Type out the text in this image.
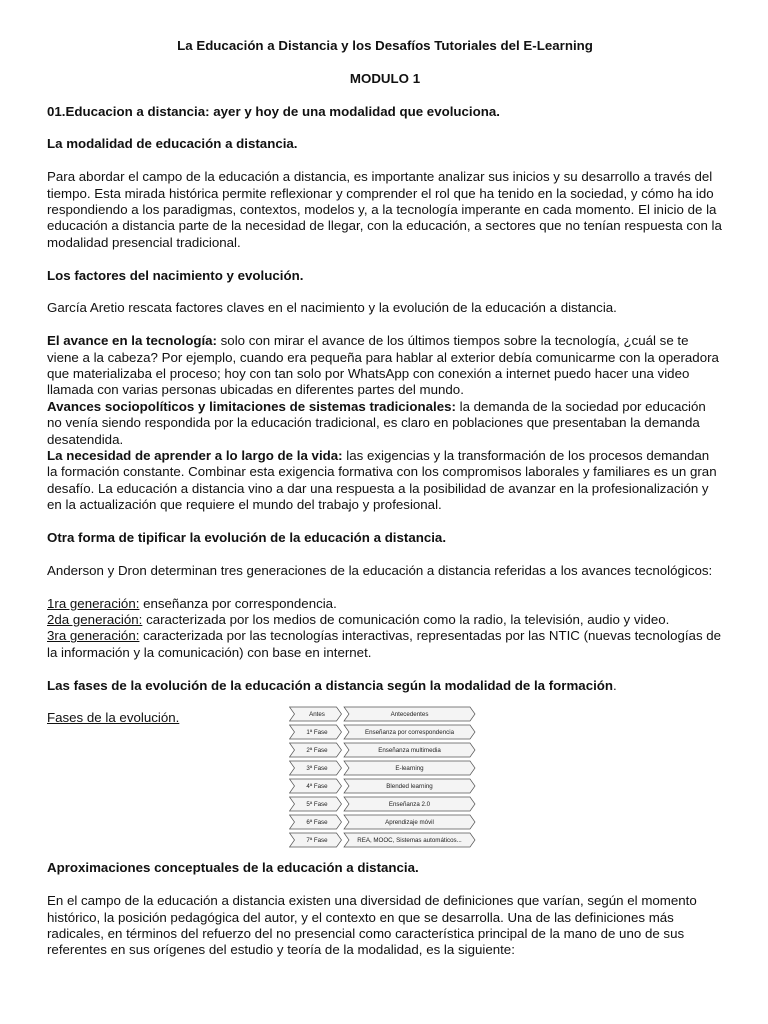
La Educación a Distancia y los Desafíos Tutoriales del E-Learning

MODULO 1

01.Educacion a distancia: ayer y hoy de una modalidad que evoluciona.

La modalidad de educación a distancia.

Para abordar el campo de la educación a distancia, es importante analizar sus inicios y su desarrollo a través del tiempo. Esta mirada histórica permite reflexionar y comprender el rol que ha tenido en la sociedad, y cómo ha ido respondiendo a los paradigmas, contextos, modelos y, a la tecnología imperante en cada momento. El inicio de la educación a distancia parte de la necesidad de llegar, con la educación, a sectores que no tenían respuesta con la modalidad presencial tradicional.

Los factores del nacimiento y evolución.

García Aretio rescata factores claves en el nacimiento y la evolución de la educación a distancia.

El avance en la tecnología: solo con mirar el avance de los últimos tiempos sobre la tecnología, ¿cuál se te viene a la cabeza? Por ejemplo, cuando era pequeña para hablar al exterior debía comunicarme con la operadora que materializaba el proceso; hoy con tan solo por WhatsApp con conexión a internet puedo hacer una video llamada con varias personas ubicadas en diferentes partes del mundo.

Avances sociopolíticos y limitaciones de sistemas tradicionales: la demanda de la sociedad por educación no venía siendo respondida por la educación tradicional, es claro en poblaciones que presentaban la demanda desatendida.

La necesidad de aprender a lo largo de la vida: las exigencias y la transformación de los procesos demandan la formación constante. Combinar esta exigencia formativa con los compromisos laborales y familiares es un gran desafío. La educación a distancia vino a dar una respuesta a la posibilidad de avanzar en la profesionalización y en la actualización que requiere el mundo del trabajo y profesional.

Otra forma de tipificar la evolución de la educación a distancia.

Anderson y Dron determinan tres generaciones de la educación a distancia referidas a los avances tecnológicos:

1ra generación: enseñanza por correspondencia.

2da generación: caracterizada por los medios de comunicación como la radio, la televisión, audio y video.

3ra generación: caracterizada por las tecnologías interactivas, representadas por las NTIC (nuevas tecnologías de la información y la comunicación) con base en internet.

Las fases de la evolución de la educación a distancia según la modalidad de la formación.

Fases de la evolución.	Antes	Antecedentes
1ª Fase	Enseñanza por correspondencia
2ª Fase	Enseñanza multimedia
3ª Fase	E-learning
4ª Fase	Blended learning
5ª Fase	Enseñanza 2.0
6ª Fase	Aprendizaje móvil
7ª Fase	REA, MOOC, Sistemas automáticos...

Aproximaciones conceptuales de la educación a distancia.

En el campo de la educación a distancia existen una diversidad de definiciones que varían, según el momento histórico, la posición pedagógica del autor, y el contexto en que se desarrolla. Una de las definiciones más radicales, en términos del refuerzo del no presencial como característica principal de la mano de uno de sus referentes en sus orígenes del estudio y teoría de la modalidad, es la siguiente:
